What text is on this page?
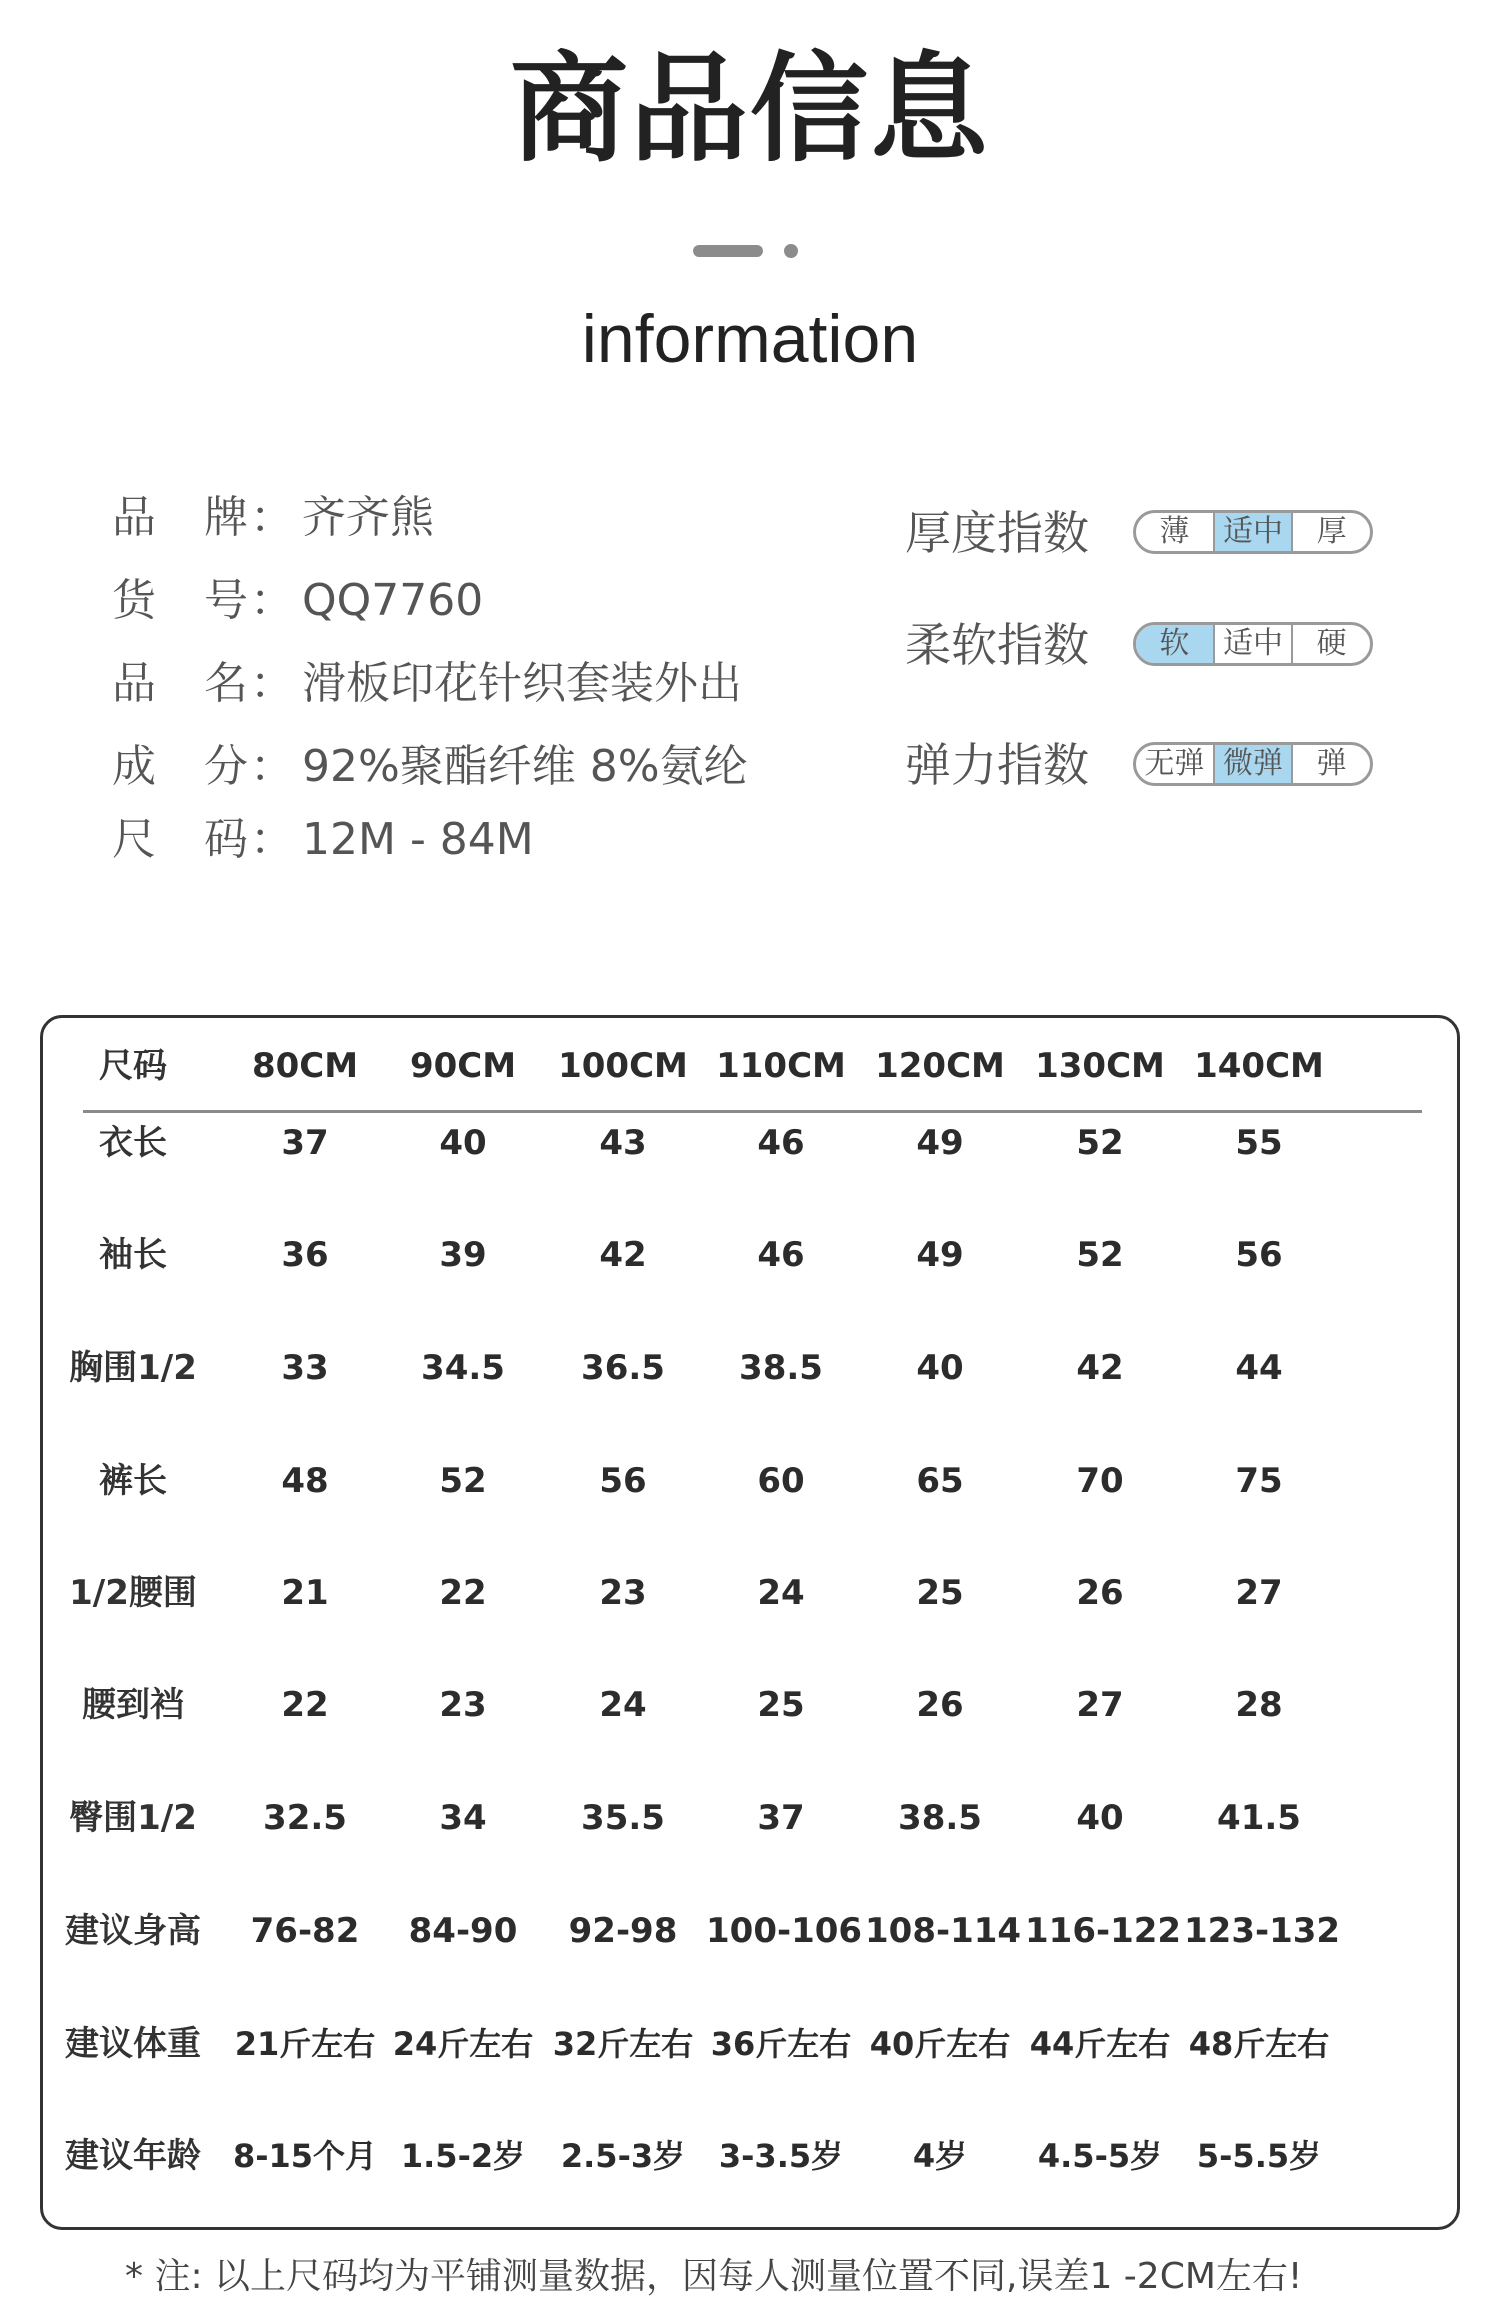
商品信息
information
品　牌： 齐齐熊
货　号： QQ7760
品　名： 滑板印花针织套装外出
成　分： 92%聚酯纤维 8%氨纶
尺　码： 12M - 84M
厚度指数	薄	适中	厚
柔软指数	软	适中	硬
弹力指数 无弹 微弹	弹
尺码	80CM	90CM	100CM 110CM 120CM 130CM 140CM
衣长	37	40	43	46	49	52	55
袖长	36	39	42	46	49	52	56
胸围1/2	33	34.5	36.5	38.5	40	42	44
裤长	48	52	56	60	65	70	75
1/2腰围	21	22	23	24	25	26	27
腰到裆	22	23	24	25	26	27	28
臀围1/2	32.5	34	35.5	37	38.5	40	41.5
建议身高	76-82	84-90	92-98 100-106 108-114 116-122 123-132
建议体重	21斤左右 24斤左右 32斤左右 36斤左右 40斤左右 44斤左右 48斤左右
建议年龄 8-15个月 1.5-2岁	2.5-3岁	3-3.5岁	4岁	4.5-5岁	5-5.5岁
* 注: 以上尺码均为平铺测量数据，因每人测量位置不同,误差1 -2CM左右!
